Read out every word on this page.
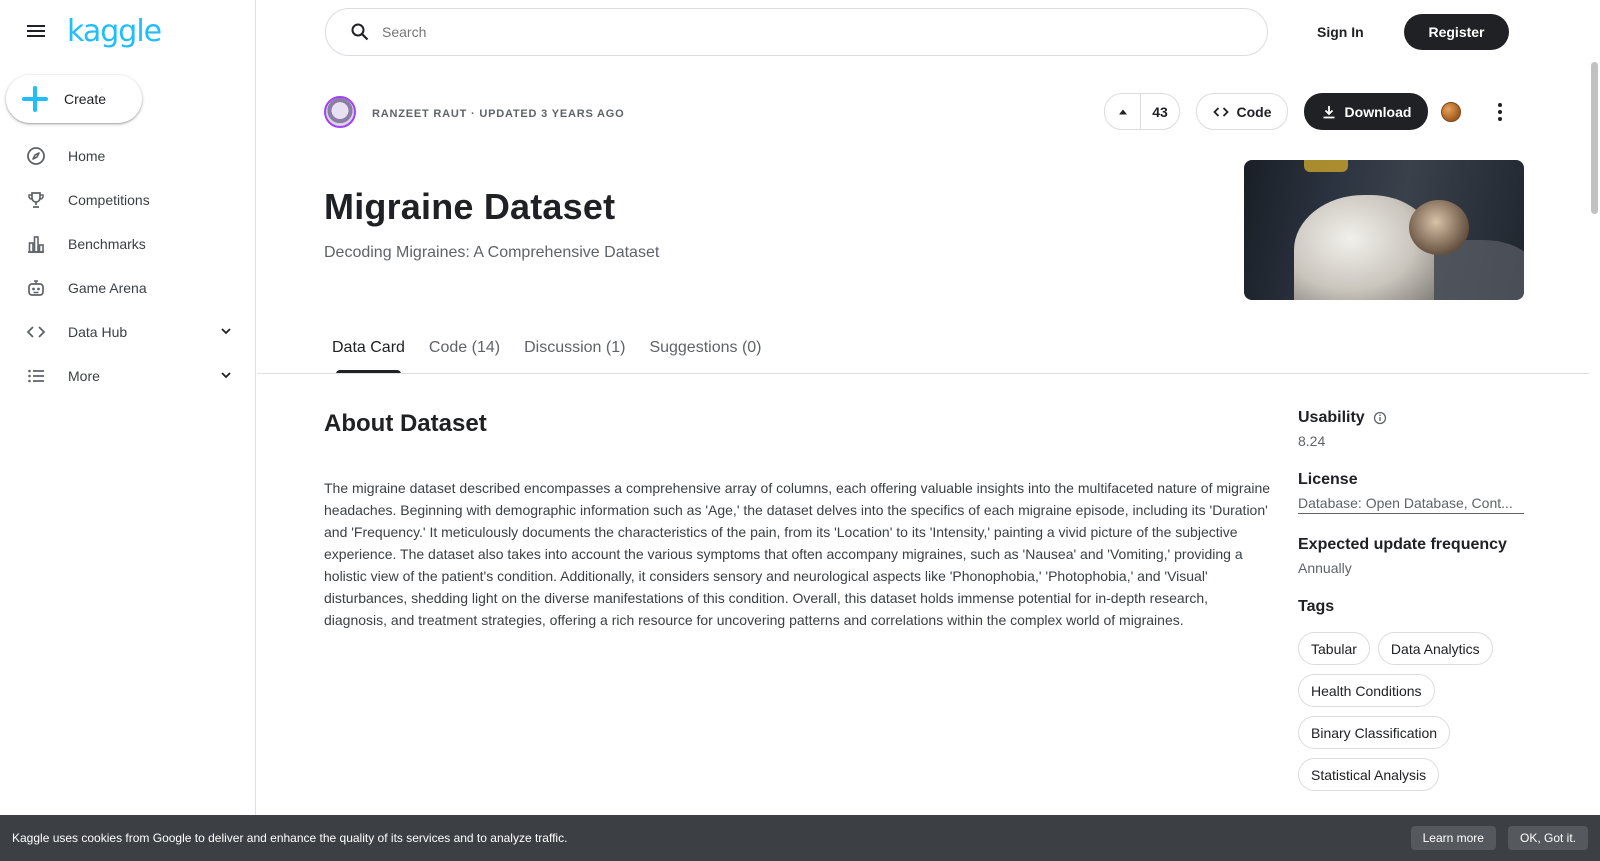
kaggle
Create
Home
Competitions
Benchmarks
Game Arena
Data Hub
More
Search
Sign In	Register
RANZEET RAUT · UPDATED 3 YEARS AGO	43	Code	Download
Migraine Dataset
Decoding Migraines: A Comprehensive Dataset
Data Card	Code (14)	Discussion (1)	Suggestions (0)
About Dataset

The migraine dataset described encompasses a comprehensive array of columns, each offering valuable insights into the multifaceted nature of migraine headaches. Beginning with demographic information such as 'Age,' the dataset delves into the specifics of each migraine episode, including its 'Duration' and 'Frequency.' It meticulously documents the characteristics of the pain, from its 'Location' to its 'Intensity,' painting a vivid picture of the subjective experience. The dataset also takes into account the various symptoms that often accompany migraines, such as 'Nausea' and 'Vomiting,' providing a holistic view of the patient's condition. Additionally, it considers sensory and neurological aspects like 'Phonophobia,' 'Photophobia,' and 'Visual' disturbances, shedding light on the diverse manifestations of this condition. Overall, this dataset holds immense potential for in-depth research, diagnosis, and treatment strategies, offering a rich resource for uncovering patterns and correlations within the complex world of migraines.

Usability
8.24
License
Database: Open Database, Cont...
Expected update frequency
Annually
Tags
Tabular	Data Analytics
Health Conditions
Binary Classification
Statistical Analysis
Kaggle uses cookies from Google to deliver and enhance the quality of its services and to analyze traffic.	Learn more	OK, Got it.
